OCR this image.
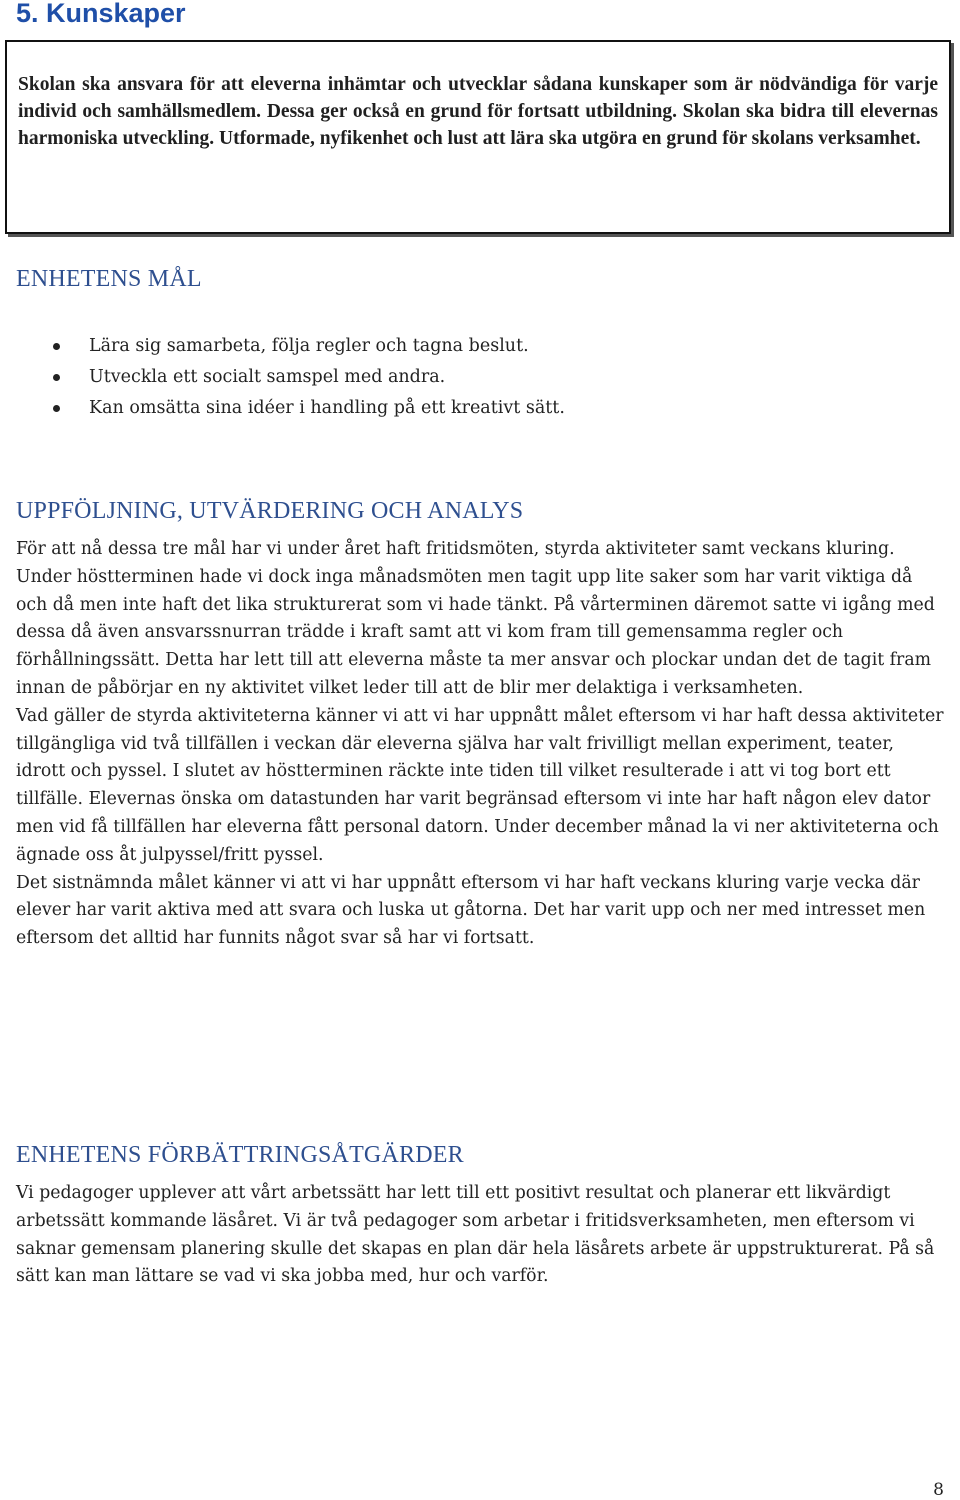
5. Kunskaper

Skolan ska ansvara för att eleverna inhämtar och utvecklar sådana kunskaper som är nödvändiga för varje individ och samhällsmedlem. Dessa ger också en grund för fortsatt utbildning. Skolan ska bidra till elevernas harmoniska utveckling. Utformade, nyfikenhet och lust att lära ska utgöra en grund för skolans verksamhet.

ENHETENS MÅL
Lära sig samarbeta, följa regler och tagna beslut.
Utveckla ett socialt samspel med andra.
Kan omsätta sina idéer i handling på ett kreativt sätt.
UPPFÖLJNING, UTVÄRDERING OCH ANALYS

För att nå dessa tre mål har vi under året haft fritidsmöten, styrda aktiviteter samt veckans kluring.

Under höstterminen hade vi dock inga månadsmöten men tagit upp lite saker som har varit viktiga då och då men inte haft det lika strukturerat som vi hade tänkt. På vårterminen däremot satte vi igång med dessa då även ansvarssnurran trädde i kraft samt att vi kom fram till gemensamma regler och förhållningssätt. Detta har lett till att eleverna måste ta mer ansvar och plockar undan det de tagit fram innan de påbörjar en ny aktivitet vilket leder till att de blir mer delaktiga i verksamheten.

Vad gäller de styrda aktiviteterna känner vi att vi har uppnått målet eftersom vi har haft dessa aktiviteter tillgängliga vid två tillfällen i veckan där eleverna själva har valt frivilligt mellan experiment, teater, idrott och pyssel. I slutet av höstterminen räckte inte tiden till vilket resulterade i att vi tog bort ett tillfälle. Elevernas önska om datastunden har varit begränsad eftersom vi inte har haft någon elev dator men vid få tillfällen har eleverna fått personal datorn. Under december månad la vi ner aktiviteterna och ägnade oss åt julpyssel/fritt pyssel.

Det sistnämnda målet känner vi att vi har uppnått eftersom vi har haft veckans kluring varje vecka där elever har varit aktiva med att svara och luska ut gåtorna. Det har varit upp och ner med intresset men eftersom det alltid har funnits något svar så har vi fortsatt.

ENHETENS FÖRBÄTTRINGSÅTGÄRDER

Vi pedagoger upplever att vårt arbetssätt har lett till ett positivt resultat och planerar ett likvärdigt arbetssätt kommande läsåret. Vi är två pedagoger som arbetar i fritidsverksamheten, men eftersom vi saknar gemensam planering skulle det skapas en plan där hela läsårets arbete är uppstrukturerat. På så sätt kan man lättare se vad vi ska jobba med, hur och varför.

8
